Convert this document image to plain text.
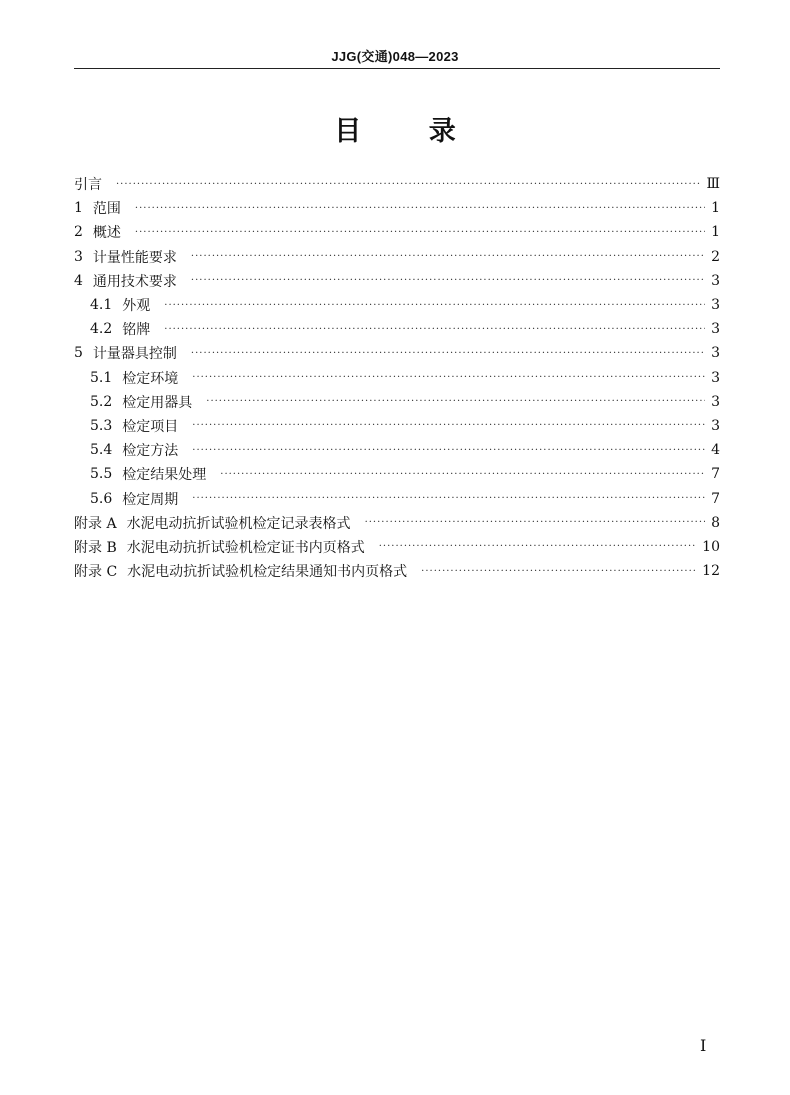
JJG(交通)048—2023
目 录
引言 ·····	Ⅲ
1 范围 ·····	1
2 概述 ·····	1
3 计量性能要求 ·····	2
4 通用技术要求 ·····	3
4.1 外观 ·····	3
4.2 铭牌 ·····	3
5 计量器具控制 ·····	3
5.1 检定环境 ·····	3
5.2 检定用器具 ·····	3
5.3 检定项目 ·····	3
5.4 检定方法 ·····	4
5.5 检定结果处理 ·····	7
5.6 检定周期 ·····	7
附录 A 水泥电动抗折试验机检定记录表格式 ·····	8
附录 B 水泥电动抗折试验机检定证书内页格式 ·····	10
附录 C 水泥电动抗折试验机检定结果通知书内页格式 ·····	12
I
